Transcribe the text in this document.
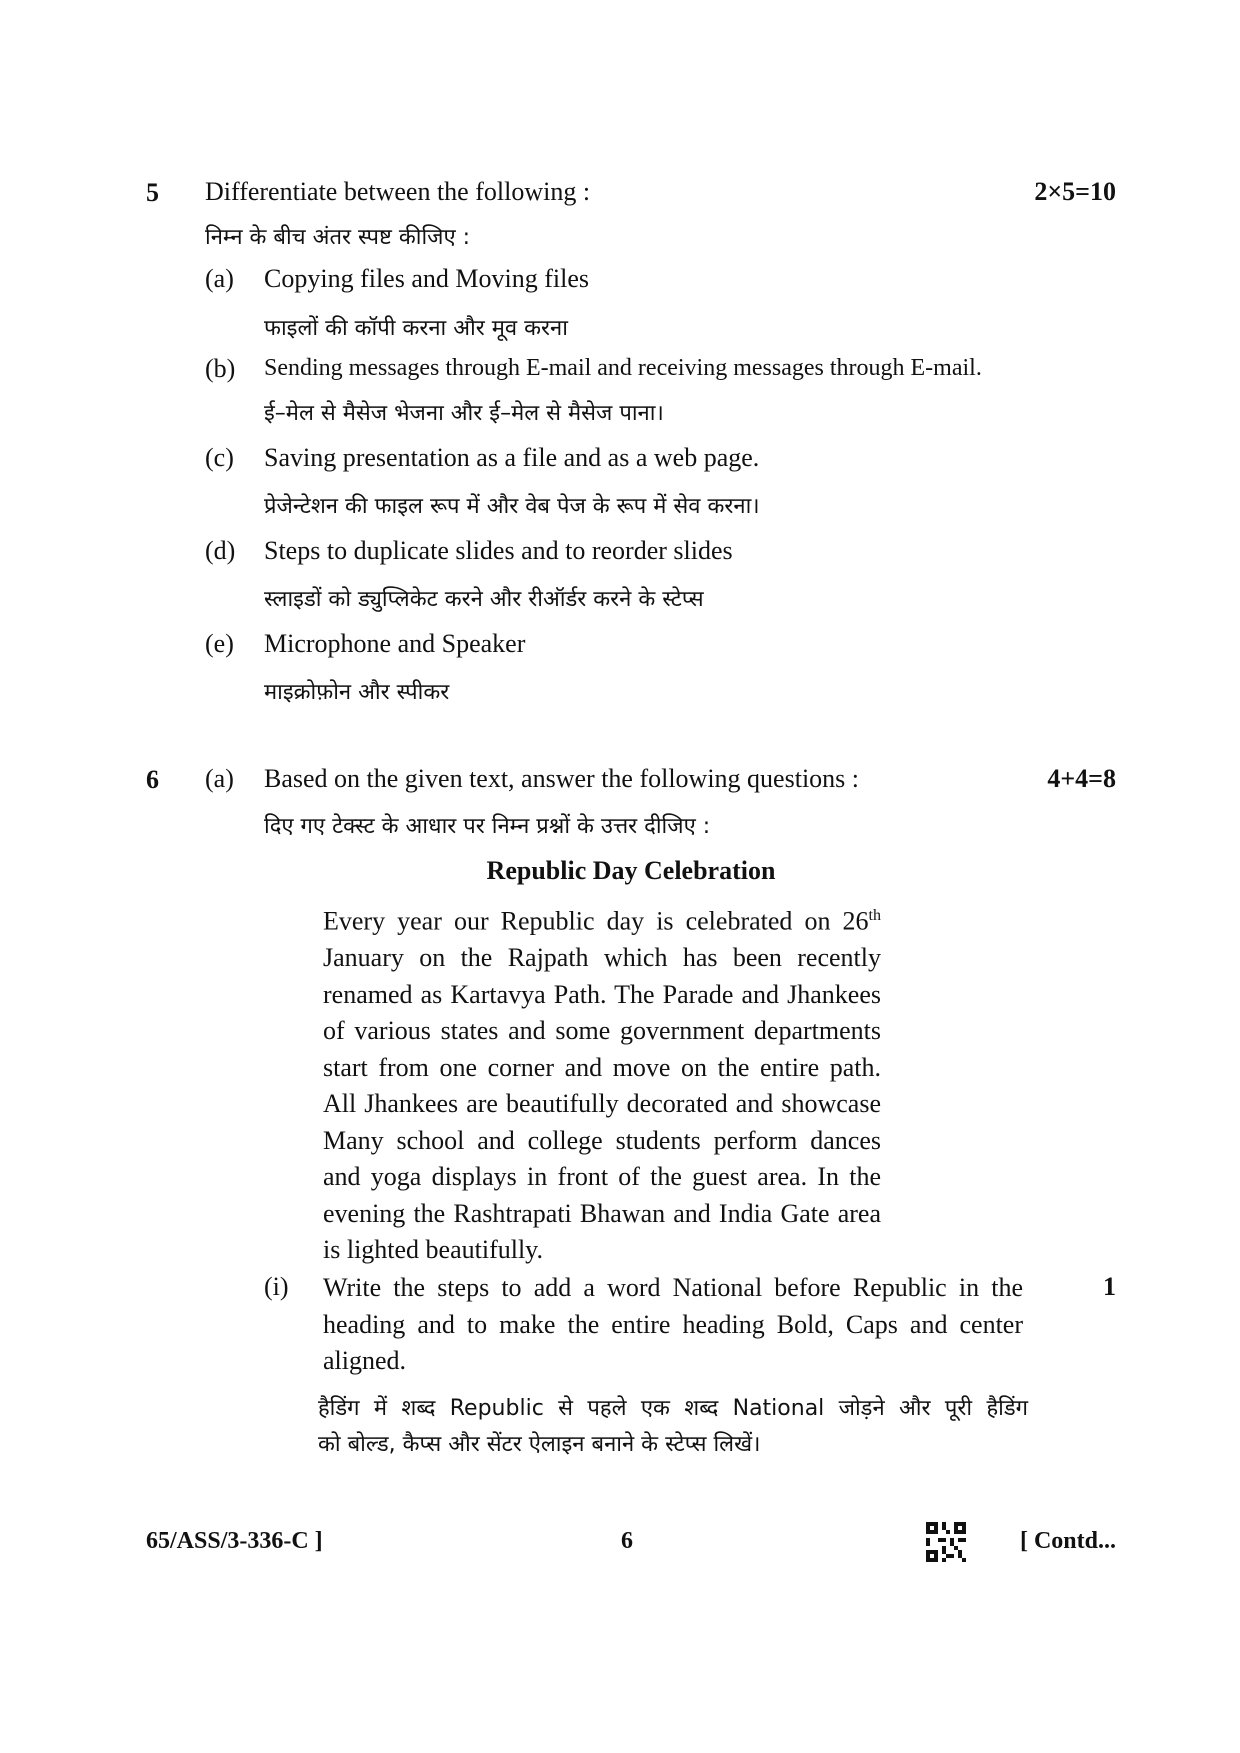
5 Differentiate between the following :	2×5=10
निम्न के बीच अंतर स्पष्ट कीजिए :
(a) Copying files and Moving files
फाइलों की कॉपी करना और मूव करना
(b) Sending messages through E-mail and receiving messages through E-mail.
ई–मेल से मैसेज भेजना और ई–मेल से मैसेज पाना।
(c) Saving presentation as a file and as a web page.
प्रेजेन्टेशन की फाइल रूप में और वेब पेज के रूप में सेव करना।
(d) Steps to duplicate slides and to reorder slides
स्लाइडों को ड्युप्लिकेट करने और रीऑर्डर करने के स्टेप्स
(e) Microphone and Speaker
माइक्रोफ़ोन और स्पीकर
6 (a) Based on the given text, answer the following questions :	4+4=8
दिए गए टेक्स्ट के आधार पर निम्न प्रश्नों के उत्तर दीजिए :
Republic Day Celebration
Every year our Republic day is celebrated on 26th
January on the Rajpath which has been recently
renamed as Kartavya Path. The Parade and Jhankees
of various states and some government departments
start from one corner and move on the entire path.
All Jhankees are beautifully decorated and showcase
Many school and college students perform dances
and yoga displays in front of the guest area. In the
evening the Rashtrapati Bhawan and India Gate area
is lighted beautifully.
(i) Write the steps to add a word National before Republic in the
heading and to make the entire heading Bold, Caps and center
aligned.
1
हैडिंग में शब्द Republic से पहले एक शब्द National जोड़ने और पूरी हैडिंग
को बोल्ड, कैप्स और सेंटर ऐलाइन बनाने के स्टेप्स लिखें।
65/ASS/3-336-C ]	6	[ Contd...
